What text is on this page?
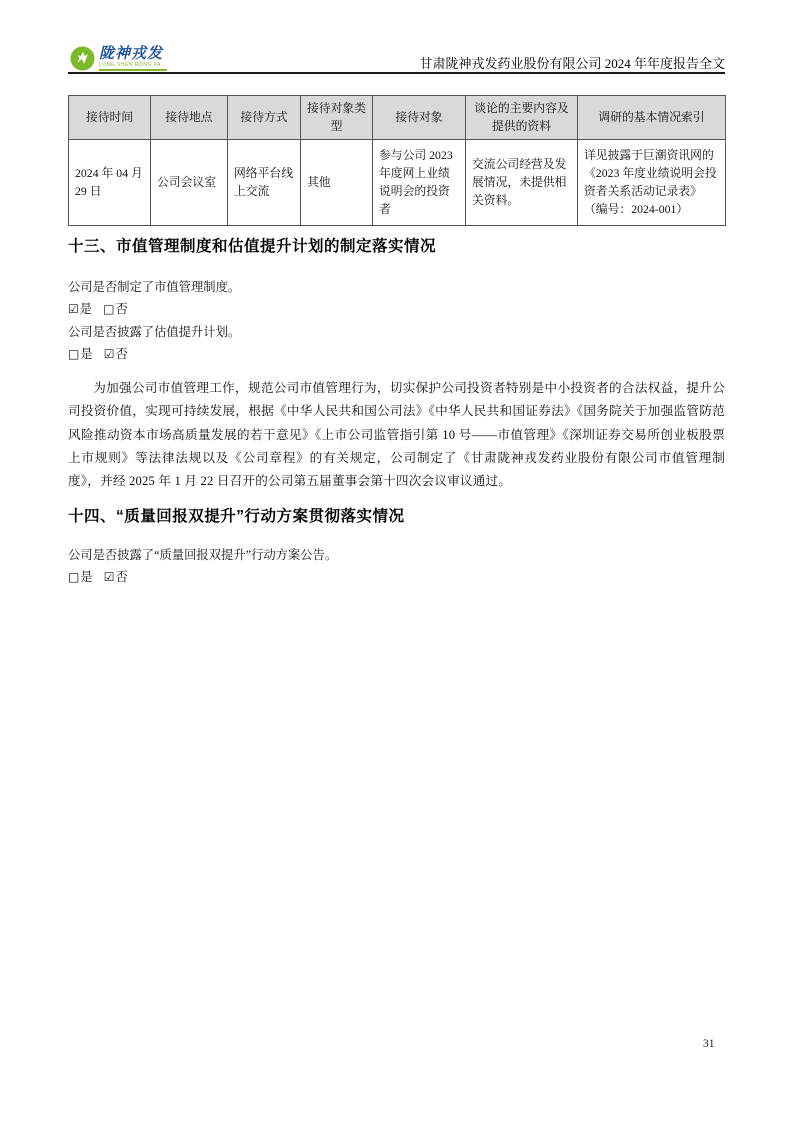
陇神戎发
LONG SHEN RONG FA	甘肃陇神戎发药业股份有限公司 2024 年年度报告全文
接待时间	接待地点	接待方式	接待对象类型	接待对象	谈论的主要内容及提供的资料	调研的基本情况索引
2024 年 04 月 29 日	公司会议室	网络平台线上交流	其他	参与公司 2023 年度网上业绩说明会的投资者	交流公司经营及发展情况，未提供相关资料。	详见披露于巨潮资讯网的《2023 年度业绩说明会投资者关系活动记录表》（编号：2024-001）
十三、市值管理制度和估值提升计划的制定落实情况
公司是否制定了市值管理制度。
☑是 □否
公司是否披露了估值提升计划。
□是 ☑否
为加强公司市值管理工作，规范公司市值管理行为，切实保护公司投资者特别是中小投资者的合法权益，提升公司投资价值，实现可持续发展，根据《中华人民共和国公司法》《中华人民共和国证券法》《国务院关于加强监管防范风险推动资本市场高质量发展的若干意见》《上市公司监管指引第 10 号——市值管理》《深圳证券交易所创业板股票上市规则》等法律法规以及《公司章程》的有关规定，公司制定了《甘肃陇神戎发药业股份有限公司市值管理制度》，并经 2025 年 1 月 22 日召开的公司第五届董事会第十四次会议审议通过。
十四、“质量回报双提升”行动方案贯彻落实情况
公司是否披露了“质量回报双提升”行动方案公告。
□是 ☑否
31
